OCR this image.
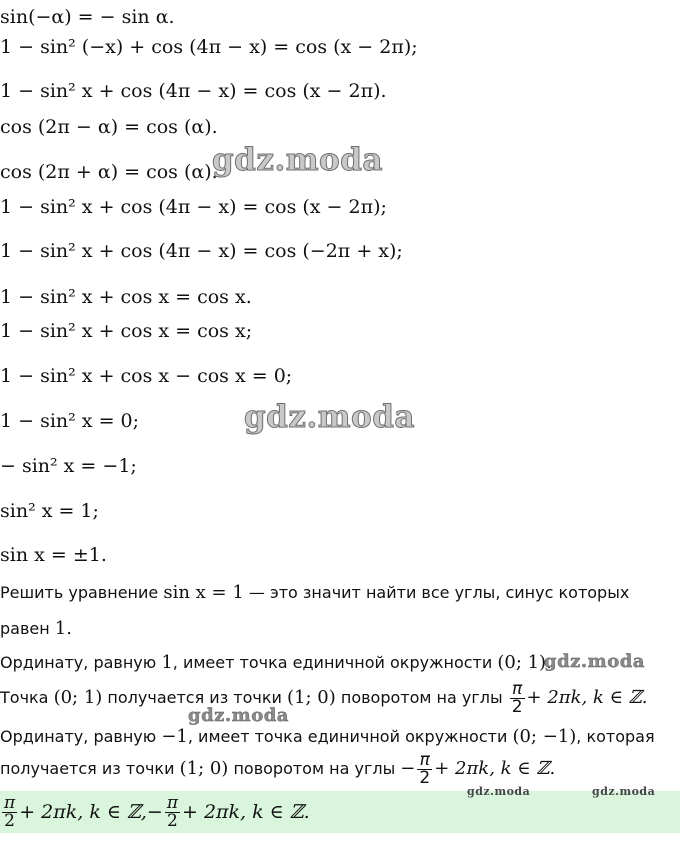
sin(−α) = − sin α.
1 − sin² (−x) + cos (4π − x) = cos (x − 2π);
1 − sin² x + cos (4π − x) = cos (x − 2π).
cos (2π − α) = cos (α).
cos (2π + α) = cos (α).
1 − sin² x + cos (4π − x) = cos (x − 2π);
1 − sin² x + cos (4π − x) = cos (−2π + x);
1 − sin² x + cos x = cos x.
1 − sin² x + cos x = cos x;
1 − sin² x + cos x − cos x = 0;
1 − sin² x = 0;
− sin² x = −1;
sin² x = 1;
sin x = ±1.
Решить уравнение sin x = 1 — это значит найти все углы, синус которых
равен 1.
Ординату, равную 1, имеет точка единичной окружности (0; 1).
Точка (0; 1) получается из точки (1; 0) поворотом на углы $\frac{\pi}{2} + 2\pi k$, k ∈ ℤ.
Ординату, равную −1, имеет точка единичной окружности (0; −1), которая
получается из точки (1; 0) поворотом на углы − $\frac{\pi}{2} + 2\pi k$, k ∈ ℤ.
$\frac{\pi}{2} + 2\pi k$, k ∈ ℤ, − $\frac{\pi}{2} + 2\pi k$, k ∈ ℤ.
gdz.moda
gdz.moda
gdz.moda
gdz.moda
gdz.moda	gdz.moda
